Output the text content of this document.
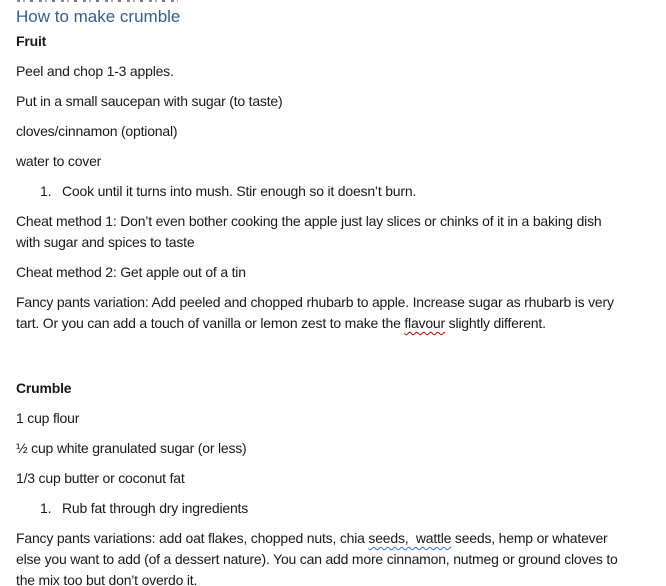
How to make crumble
Fruit
Peel and chop 1-3 apples.
Put in a small saucepan with sugar (to taste)
cloves/cinnamon (optional)
water to cover
1. Cook until it turns into mush. Stir enough so it doesn’t burn.
Cheat method 1: Don’t even bother cooking the apple just lay slices or chinks of it in a baking dish
with sugar and spices to taste
Cheat method 2: Get apple out of a tin
Fancy pants variation: Add peeled and chopped rhubarb to apple. Increase sugar as rhubarb is very
tart. Or you can add a touch of vanilla or lemon zest to make the flavour slightly different.
Crumble
1 cup flour
½ cup white granulated sugar (or less)
1/3 cup butter or coconut fat
1. Rub fat through dry ingredients
Fancy pants variations: add oat flakes, chopped nuts, chia seeds,  wattle seeds, hemp or whatever
else you want to add (of a dessert nature). You can add more cinnamon, nutmeg or ground cloves to
the mix too but don’t overdo it.
